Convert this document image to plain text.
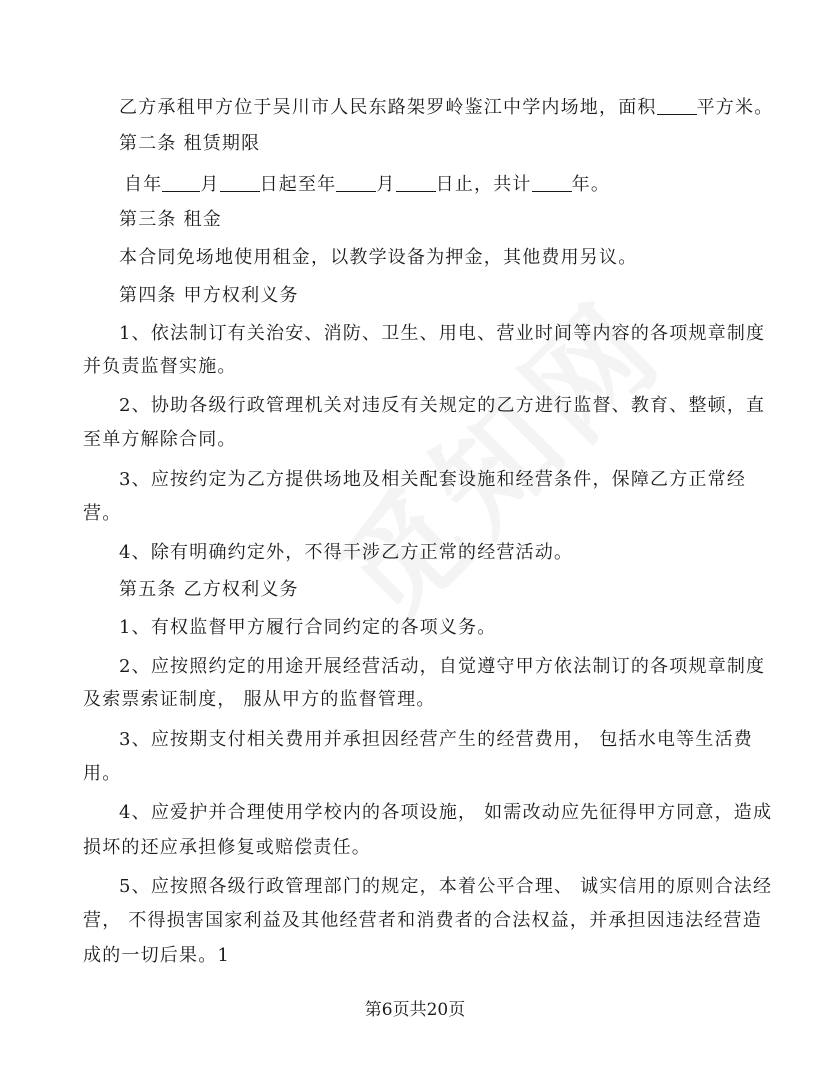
乙方承租甲方位于吴川市人民东路架罗岭鉴江中学内场地，面积 平方米。
第二条 租赁期限
自年 月 日起至年 月 日止，共计 年。
第三条 租金
本合同免场地使用租金，以教学设备为押金，其他费用另议。
第四条 甲方权利义务
1、依法制订有关治安、消防、卫生、用电、营业时间等内容的各项规章制度
并负责监督实施。
2、协助各级行政管理机关对违反有关规定的乙方进行监督、教育、整顿，直
至单方解除合同。
3、应按约定为乙方提供场地及相关配套设施和经营条件，保障乙方正常经
营。
4、除有明确约定外，不得干涉乙方正常的经营活动。
第五条 乙方权利义务
1、有权监督甲方履行合同约定的各项义务。
2、应按照约定的用途开展经营活动，自觉遵守甲方依法制订的各项规章制度
及索票索证制度， 服从甲方的监督管理。
3、应按期支付相关费用并承担因经营产生的经营费用， 包括水电等生活费
用。
4、应爱护并合理使用学校内的各项设施， 如需改动应先征得甲方同意，造成
损坏的还应承担修复或赔偿责任。
5、应按照各级行政管理部门的规定，本着公平合理、 诚实信用的原则合法经
营， 不得损害国家利益及其他经营者和消费者的合法权益，并承担因违法经营造
成的一切后果。1
第6页共20页
